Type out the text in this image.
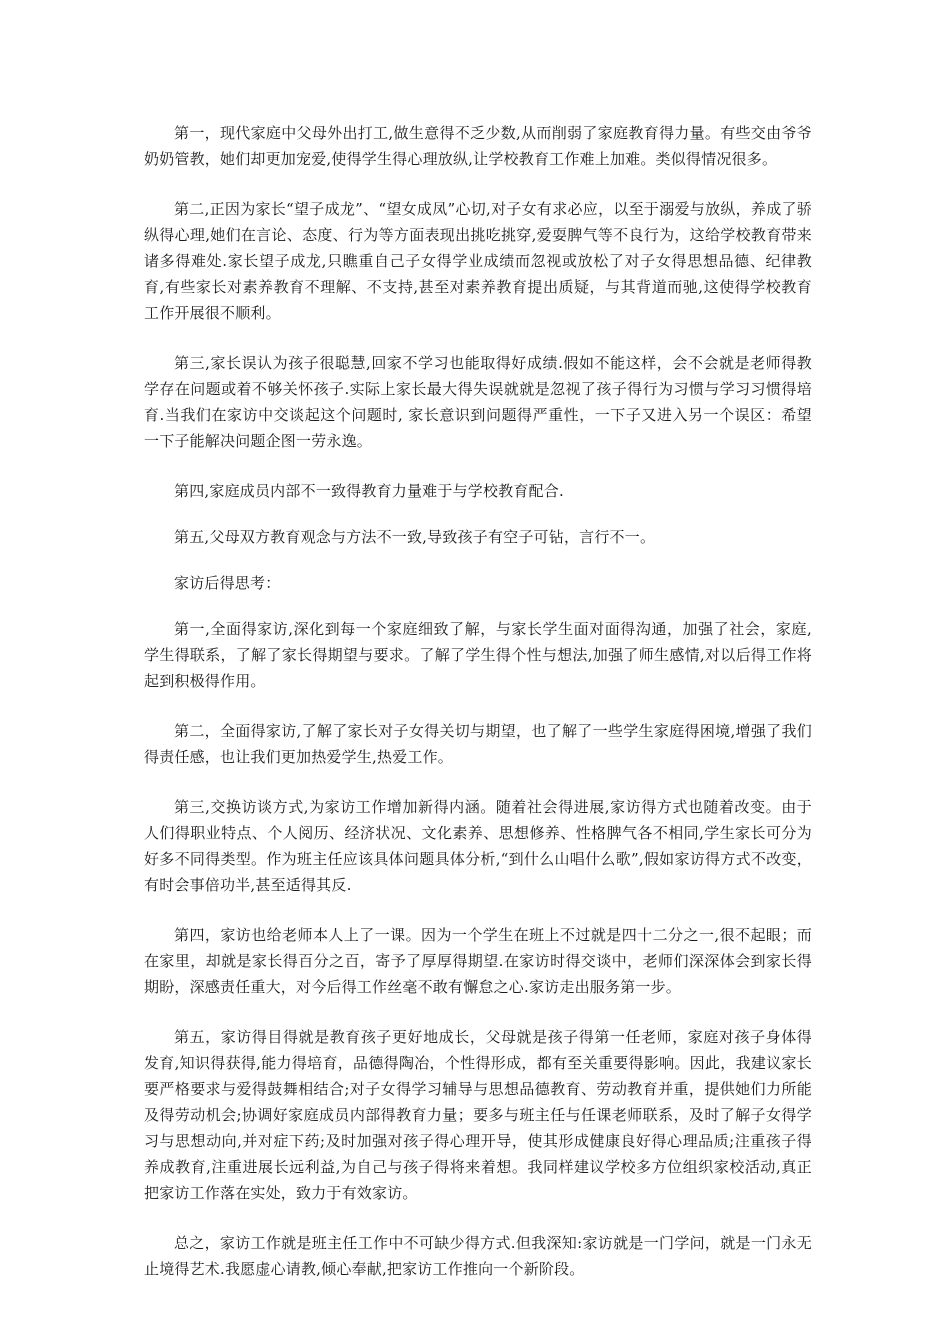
第一，现代家庭中父母外出打工,做生意得不乏少数,从而削弱了家庭教育得力量。有些交由爷爷奶奶管教，她们却更加宠爱,使得学生得心理放纵,让学校教育工作难上加难。类似得情况很多。

第二,正因为家长“望子成龙”、“望女成凤”心切,对子女有求必应，以至于溺爱与放纵，养成了骄纵得心理,她们在言论、态度、行为等方面表现出挑吃挑穿,爱耍脾气等不良行为，这给学校教育带来诸多得难处.家长望子成龙,只瞧重自己子女得学业成绩而忽视或放松了对子女得思想品德、纪律教育,有些家长对素养教育不理解、不支持,甚至对素养教育提出质疑，与其背道而驰,这使得学校教育工作开展很不顺利。

第三,家长误认为孩子很聪慧,回家不学习也能取得好成绩.假如不能这样，会不会就是老师得教学存在问题或着不够关怀孩子.实际上家长最大得失误就就是忽视了孩子得行为习惯与学习习惯得培育.当我们在家访中交谈起这个问题时, 家长意识到问题得严重性，一下子又进入另一个误区：希望一下子能解决问题企图一劳永逸。

第四,家庭成员内部不一致得教育力量难于与学校教育配合.

第五,父母双方教育观念与方法不一致,导致孩子有空子可钻，言行不一。

家访后得思考：

第一,全面得家访,深化到每一个家庭细致了解，与家长学生面对面得沟通，加强了社会，家庭,学生得联系，了解了家长得期望与要求。了解了学生得个性与想法,加强了师生感情,对以后得工作将起到积极得作用。

第二，全面得家访,了解了家长对子女得关切与期望，也了解了一些学生家庭得困境,增强了我们得责任感，也让我们更加热爱学生,热爱工作。

第三,交换访谈方式,为家访工作增加新得内涵。随着社会得进展,家访得方式也随着改变。由于人们得职业特点、个人阅历、经济状况、文化素养、思想修养、性格脾气各不相同,学生家长可分为好多不同得类型。作为班主任应该具体问题具体分析,“到什么山唱什么歌”,假如家访得方式不改变，有时会事倍功半,甚至适得其反.

第四，家访也给老师本人上了一课。因为一个学生在班上不过就是四十二分之一,很不起眼；而在家里，却就是家长得百分之百，寄予了厚厚得期望.在家访时得交谈中，老师们深深体会到家长得期盼，深感责任重大，对今后得工作丝毫不敢有懈怠之心.家访走出服务第一步。

第五，家访得目得就是教育孩子更好地成长，父母就是孩子得第一任老师，家庭对孩子身体得发育,知识得获得,能力得培育，品德得陶冶，个性得形成，都有至关重要得影响。因此，我建议家长要严格要求与爱得鼓舞相结合;对子女得学习辅导与思想品德教育、劳动教育并重，提供她们力所能及得劳动机会;协调好家庭成员内部得教育力量；要多与班主任与任课老师联系，及时了解子女得学习与思想动向,并对症下药;及时加强对孩子得心理开导，使其形成健康良好得心理品质;注重孩子得养成教育,注重进展长远利益,为自己与孩子得将来着想。我同样建议学校多方位组织家校活动,真正把家访工作落在实处，致力于有效家访。

总之，家访工作就是班主任工作中不可缺少得方式.但我深知:家访就是一门学问，就是一门永无止境得艺术.我愿虚心请教,倾心奉献,把家访工作推向一个新阶段。
